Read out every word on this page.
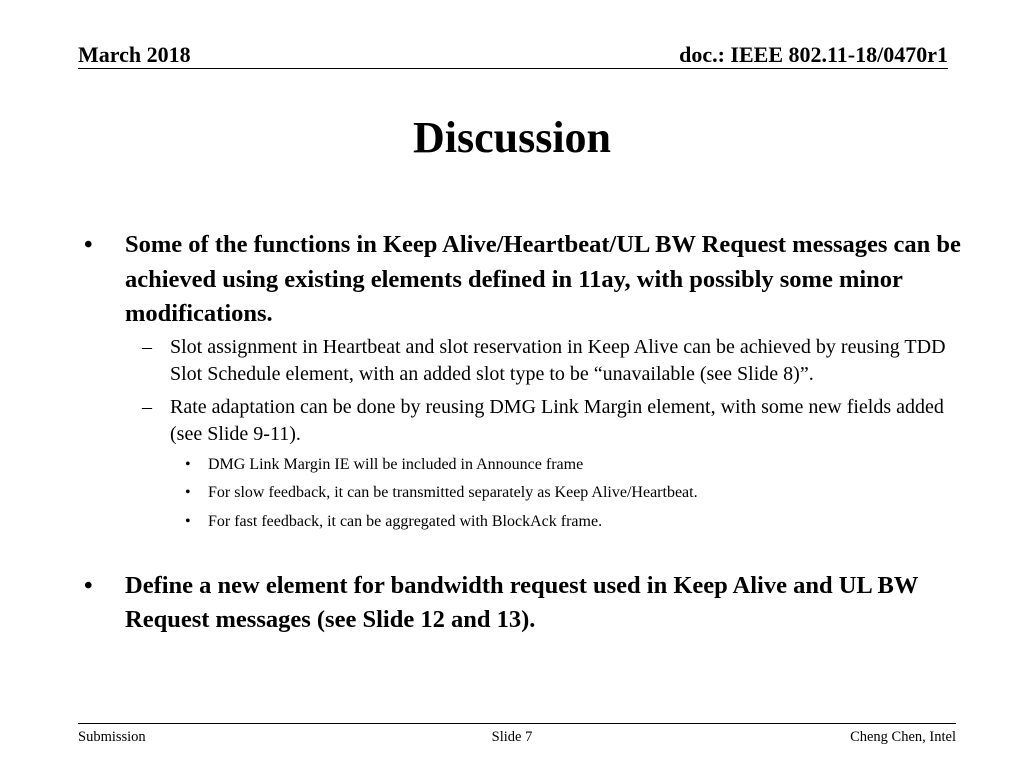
March 2018	doc.: IEEE 802.11-18/0470r1
Discussion
• Some of the functions in Keep Alive/Heartbeat/UL BW Request messages can be achieved using existing elements defined in 11ay, with possibly some minor modifications.
– Slot assignment in Heartbeat and slot reservation in Keep Alive can be achieved by reusing TDD Slot Schedule element, with an added slot type to be “unavailable (see Slide 8)”.
– Rate adaptation can be done by reusing DMG Link Margin element, with some new fields added (see Slide 9-11).
• DMG Link Margin IE will be included in Announce frame
• For slow feedback, it can be transmitted separately as Keep Alive/Heartbeat.
• For fast feedback, it can be aggregated with BlockAck frame.
• Define a new element for bandwidth request used in Keep Alive and UL BW Request messages (see Slide 12 and 13).
Submission	Slide 7	Cheng Chen, Intel
